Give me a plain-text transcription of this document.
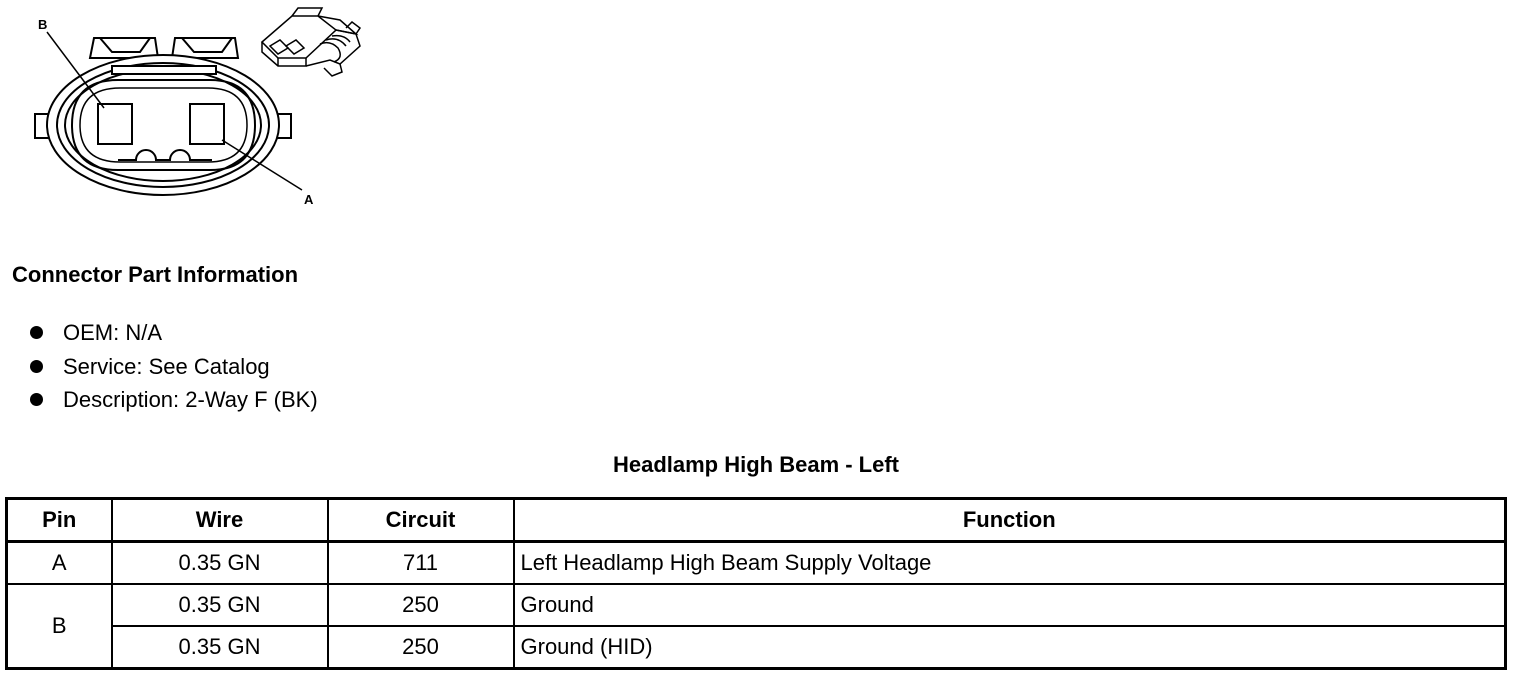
B
A
Connector Part Information
OEM: N/A
Service: See Catalog
Description: 2-Way F (BK)
Headlamp High Beam - Left
Pin	Wire	Circuit	Function
A	0.35 GN	711	Left Headlamp High Beam Supply Voltage
B	0.35 GN	250	Ground
	0.35 GN	250	Ground (HID)
